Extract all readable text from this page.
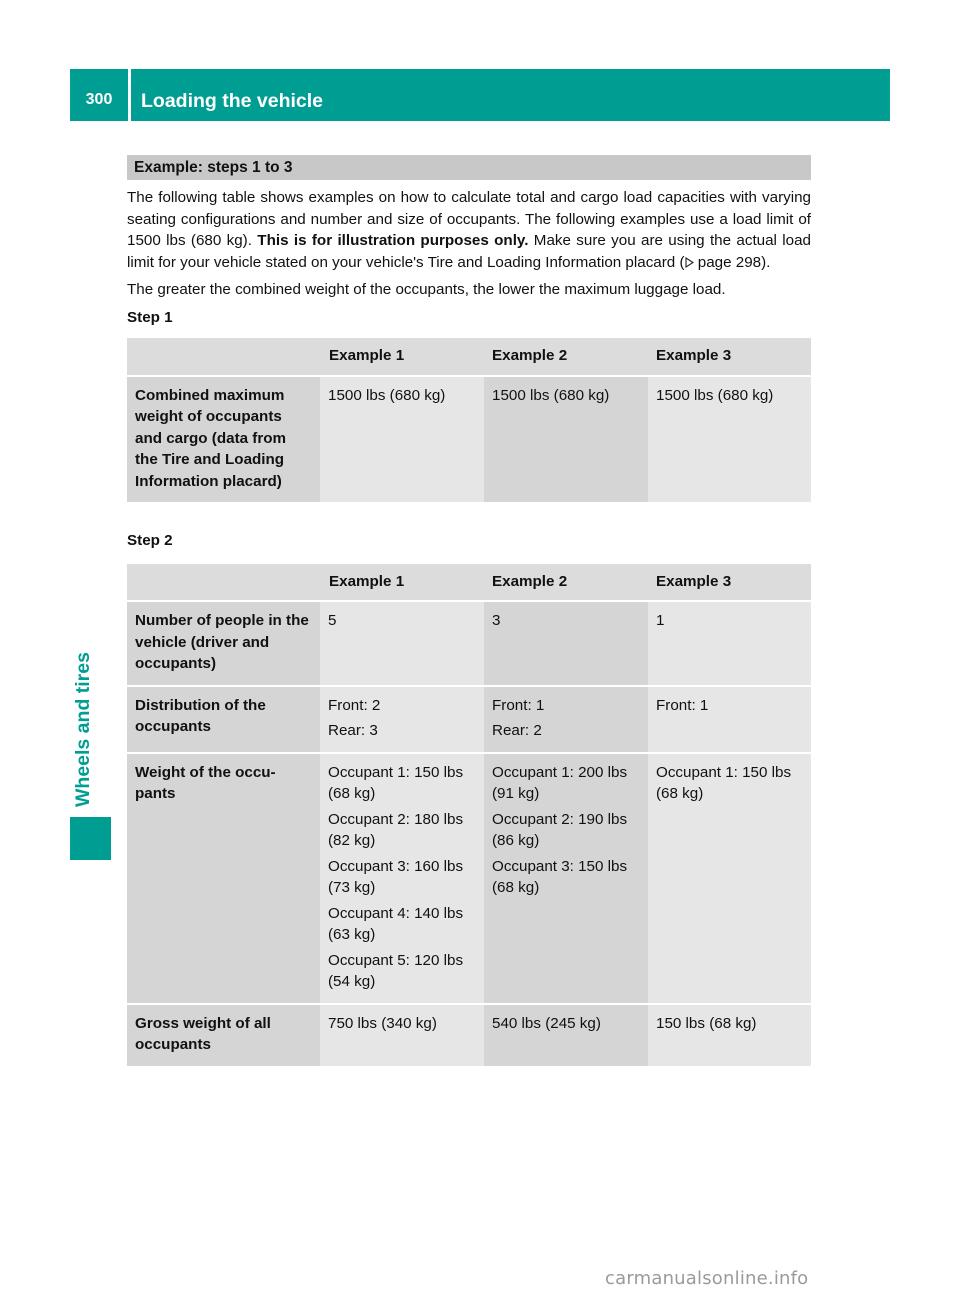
300	Loading the vehicle
Wheels and tires
Example: steps 1 to 3

The following table shows examples on how to calculate total and cargo load capacities with varying seating configurations and number and size of occupants. The following examples use a load limit of 1500 lbs (680 kg). This is for illustration purposes only. Make sure you are using the actual load limit for your vehicle stated on your vehicle's Tire and Loading Information placard ( page 298).

The greater the combined weight of the occupants, the lower the maximum luggage load.

Step 1

	Example 1	Example 2	Example 3
Combined maximum weight of occupants and cargo (data from the Tire and Loading Information placard)	1500 lbs (680 kg)	1500 lbs (680 kg)	1500 lbs (680 kg)

Step 2

	Example 1	Example 2	Example 3
Number of people in the vehicle (driver and occupants)	5	3	1

Distribution of the occupants	Front: 2
Rear: 3	Front: 1
Rear: 2	Front: 1

Weight of the occu-pants	Occupant 1: 150 lbs (68 kg)
Occupant 2: 180 lbs (82 kg)
Occupant 3: 160 lbs (73 kg)
Occupant 4: 140 lbs (63 kg)
Occupant 5: 120 lbs (54 kg)	Occupant 1: 200 lbs (91 kg)
Occupant 2: 190 lbs (86 kg)
Occupant 3: 150 lbs (68 kg)	Occupant 1: 150 lbs (68 kg)

Gross weight of all occupants	750 lbs (340 kg)	540 lbs (245 kg)	150 lbs (68 kg)
carmanualsonline.info
